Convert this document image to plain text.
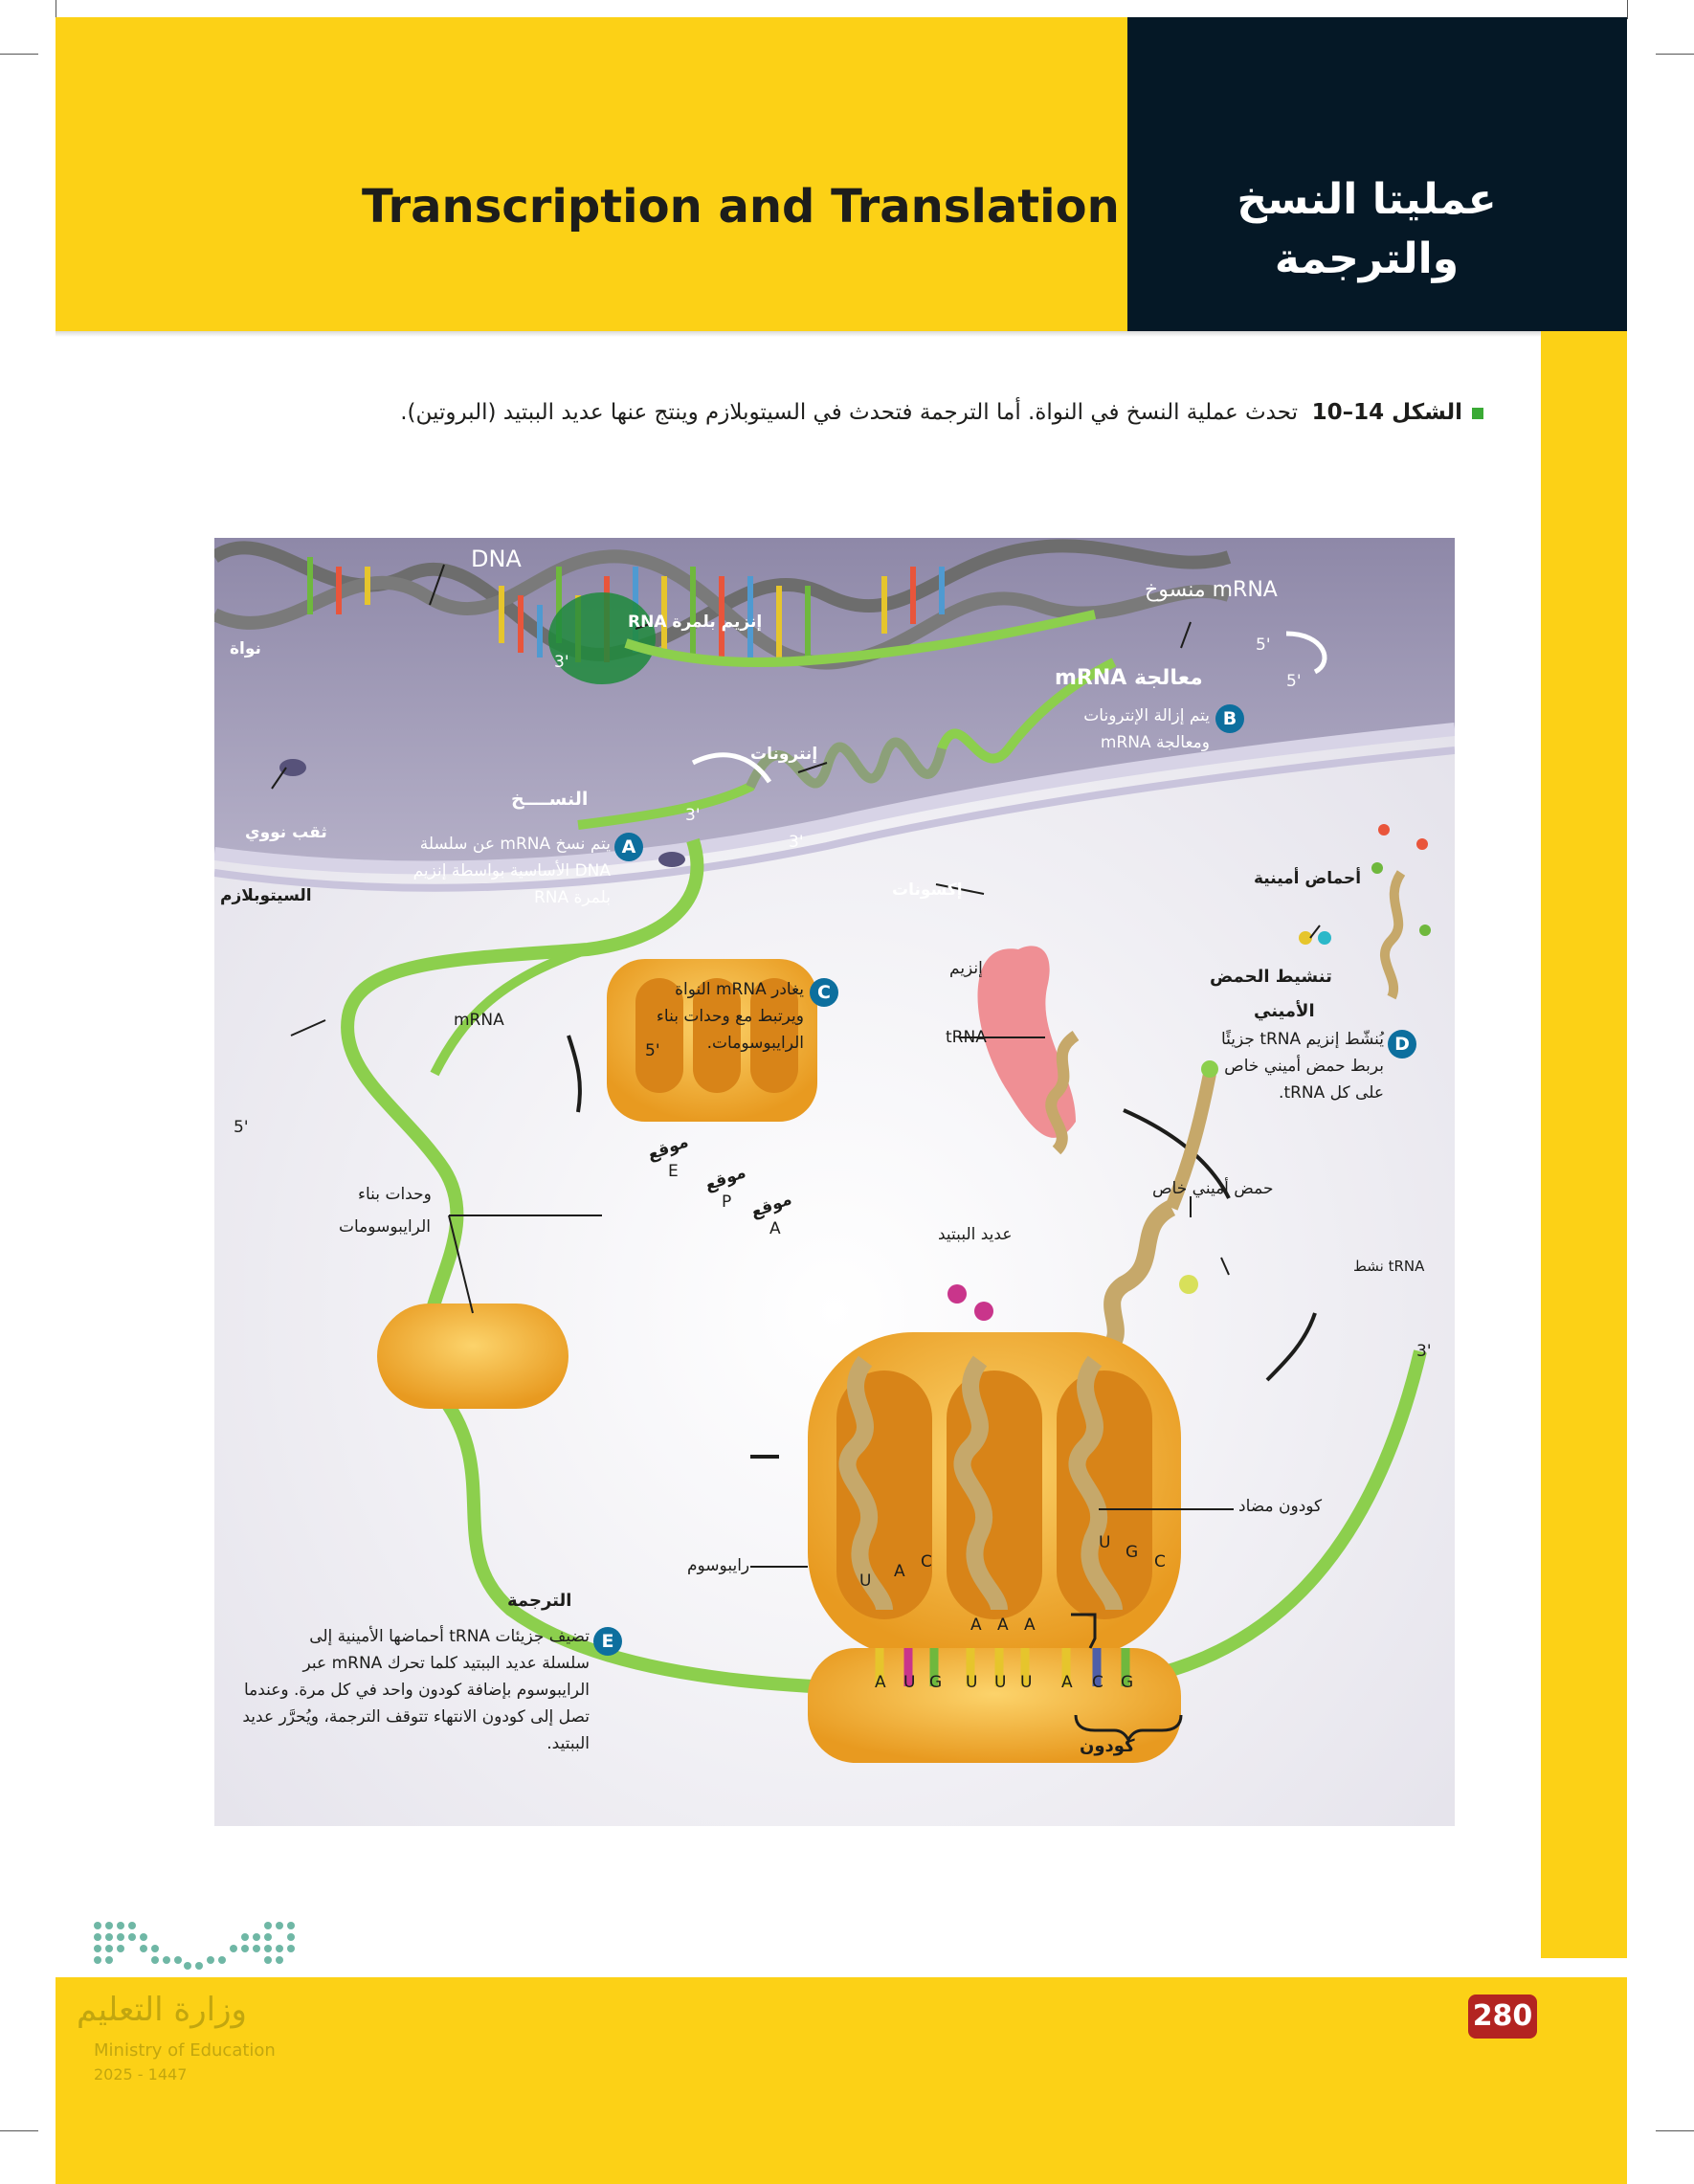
Transcription and Translation	عمليتا النسخ
والترجمة
الشكل 14–10  تحدث عملية النسخ في النواة. أما الترجمة فتحدث في السيتوبلازم وينتج عنها عديد الببتيد (البروتين).
DNA
نواة
3'
إنزيم بلمرة RNA
mRNA منسوخ
5'
معالجة mRNA	5'
B
يتم إزالة الإنترونات
ومعالجة mRNA
إنترونات
3'
3'
إكسونات
ثقب نووي
النســــخ
A
يتم نسخ mRNA عن سلسلة
DNA الأساسية بواسطة إنزيم
بلمرة RNA
السيتوبلازم
أحماض أمينية
تنشيط الحمض
الأميني
D
يُنشّط إنزيم tRNA جزيئًا
بربط حمض أميني خاص
على كل tRNA.
إنزيم
tRNA
mRNA
C
يغادر mRNA النواة
ويرتبط مع وحدات بناء
الرايبوسومات.
5'
5'
موقع
E موقع
P موقع
A
وحدات بناء
الرايبوسومات
حمض أميني خاص
tRNA نشط
عديد الببتيد
3'
كودون مضاد
رايبوسوم
كودون
U A C
A A A
U G C
A U G U U U A C G
الترجمة
E
تضيف جزيئات tRNA أحماضها الأمينية إلى
سلسلة عديد الببتيد كلما تحرك mRNA عبر
الرايبوسوم بإضافة كودون واحد في كل مرة. وعندما
تصل إلى كودون الانتهاء تتوقف الترجمة، ويُحرَّر عديد
الببتيد.
وزارة التعليم
Ministry of Education
2025 - 1447
280
